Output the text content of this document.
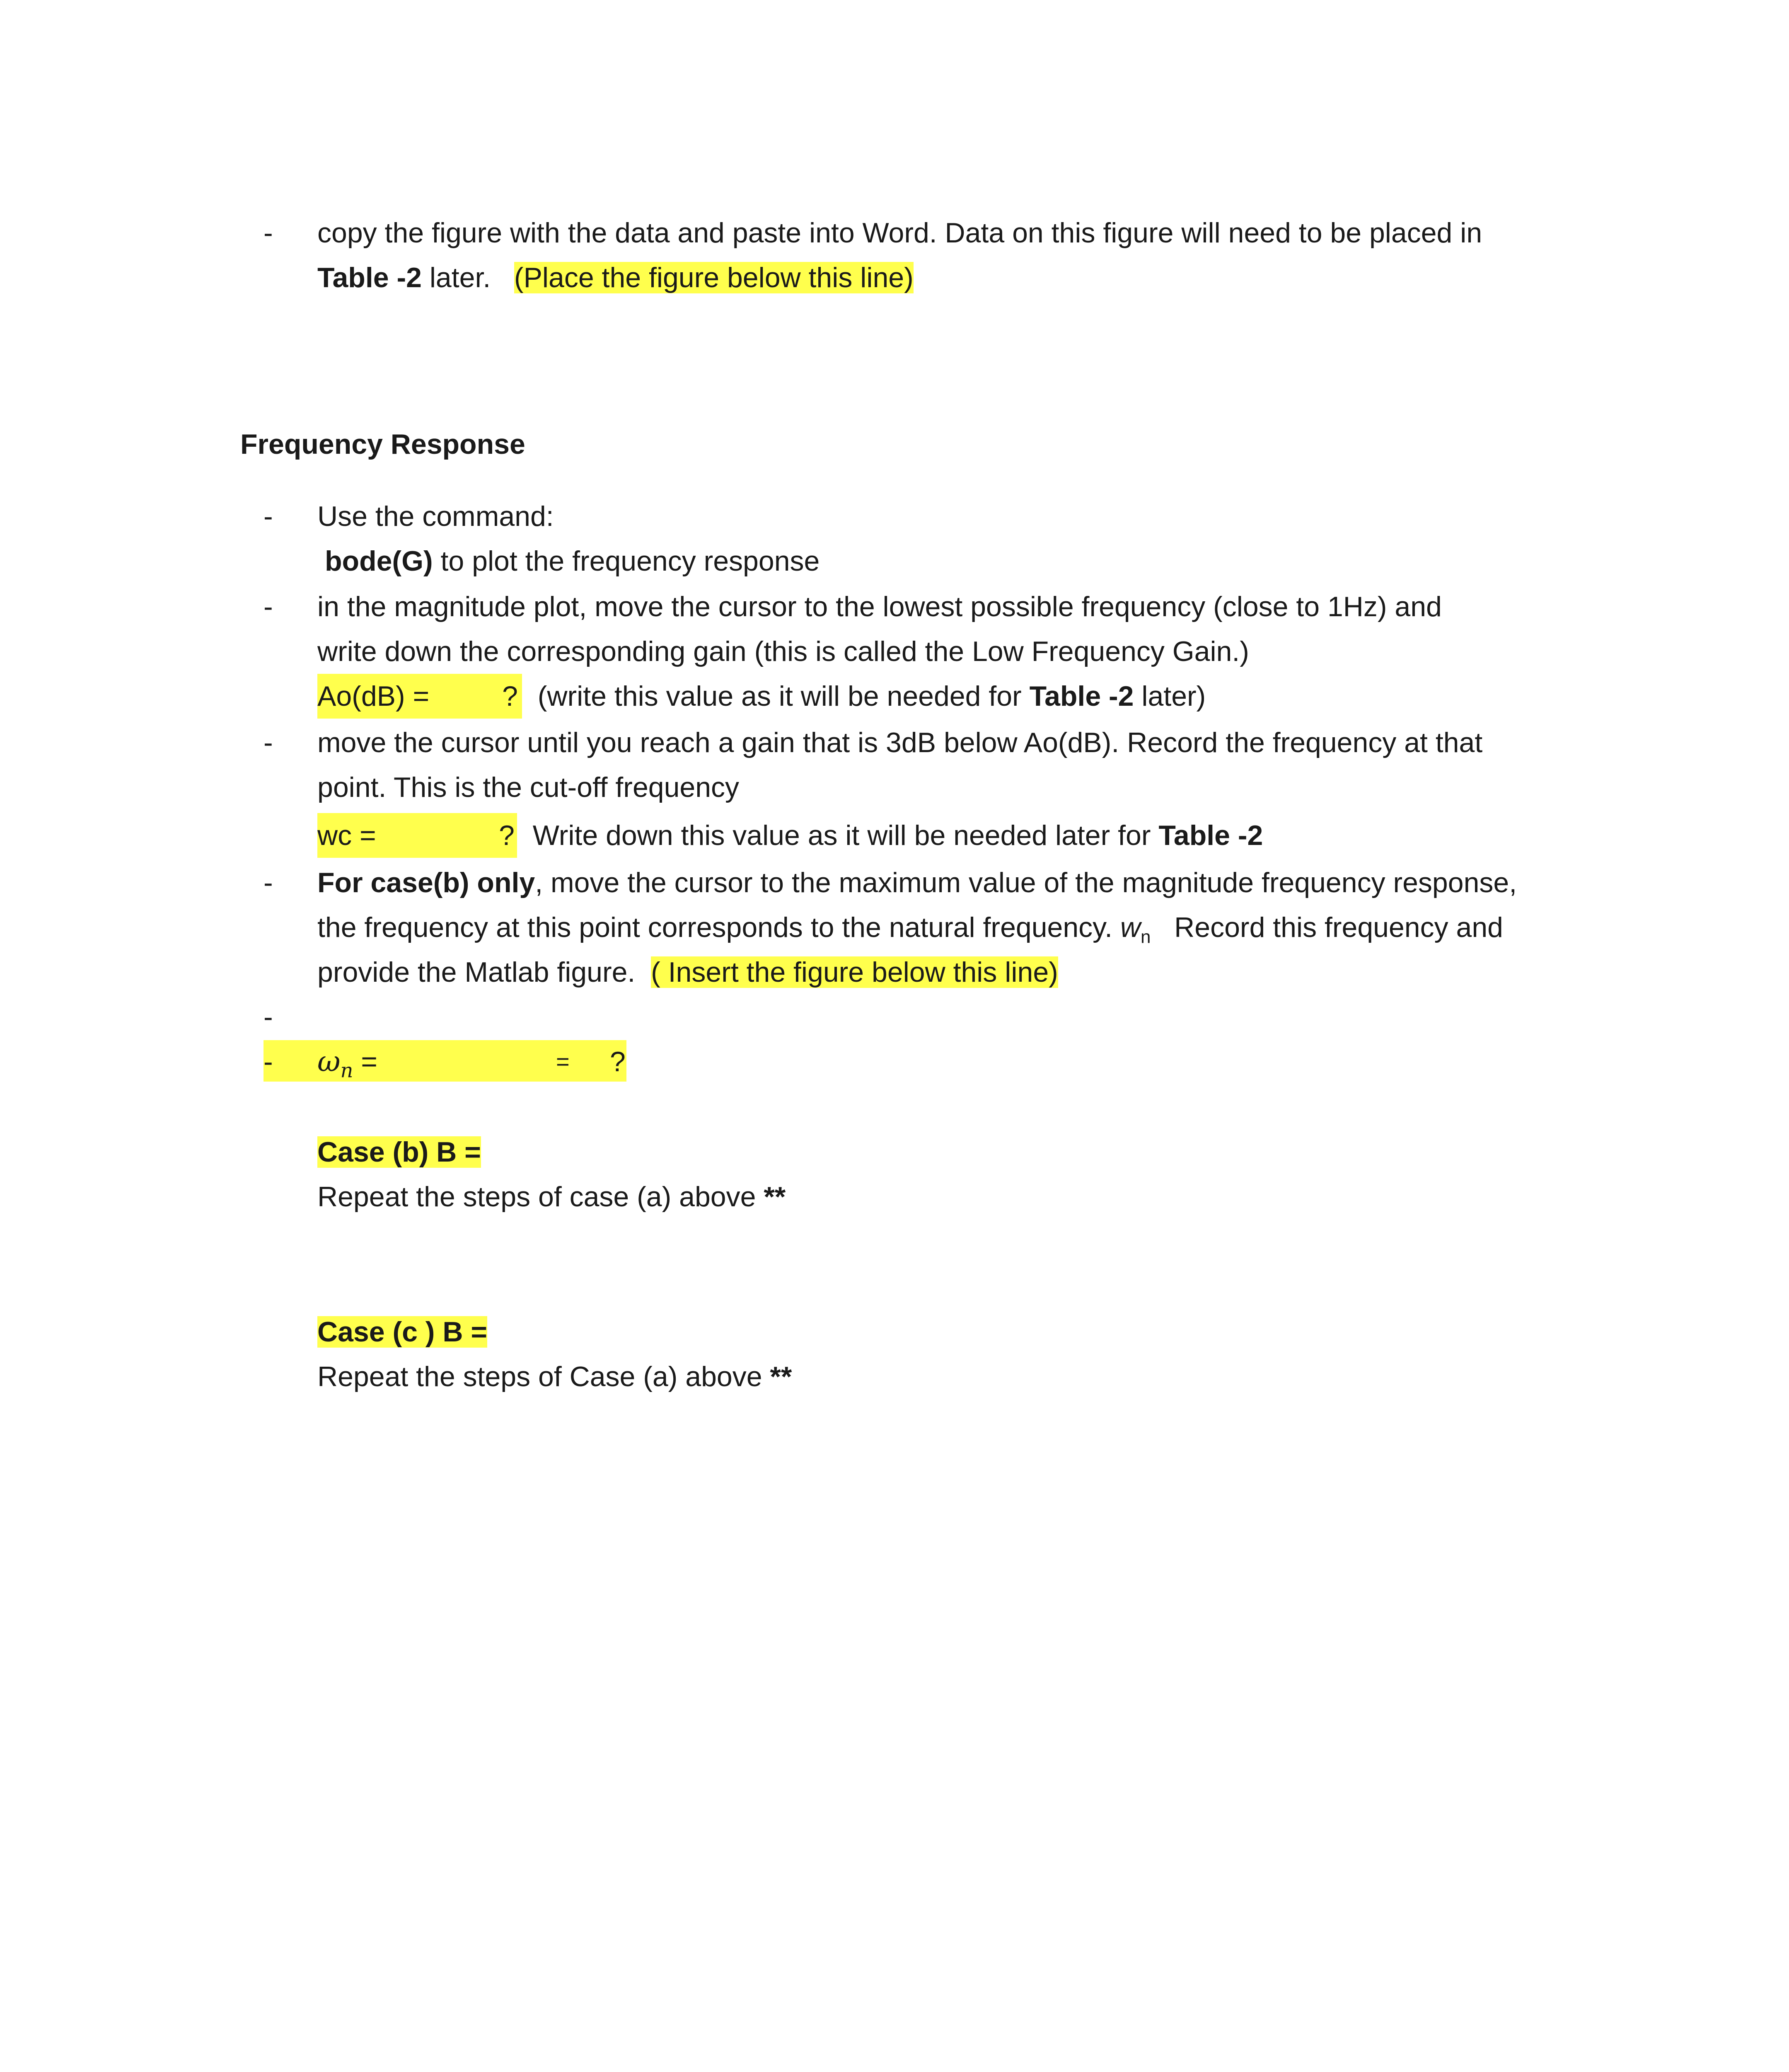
- copy the figure with the data and paste into Word. Data on this figure will need to be placed in
Table -2 later.   (Place the figure below this line)
Frequency Response
- Use the command:
bode(G) to plot the frequency response
- in the magnitude plot, move the cursor to the lowest possible frequency (close to 1Hz) and
write down the corresponding gain (this is called the Low Frequency Gain.)
Ao(dB) =	? (write this value as it will be needed for Table -2 later)
- move the cursor until you reach a gain that is 3dB below Ao(dB). Record the frequency at that
point. This is the cut-off frequency
wc =	? Write down this value as it will be needed later for Table -2
- For case(b) only, move the cursor to the maximum value of the magnitude frequency response,
the frequency at this point corresponds to the natural frequency. $w_n$   Record this frequency and
provide the Matlab figure.  ( Insert the figure below this line)
-
- $\omega_n$ =	= ?
Case (b) B =
Repeat the steps of case (a) above **
Case (c ) B =
Repeat the steps of Case (a) above **
